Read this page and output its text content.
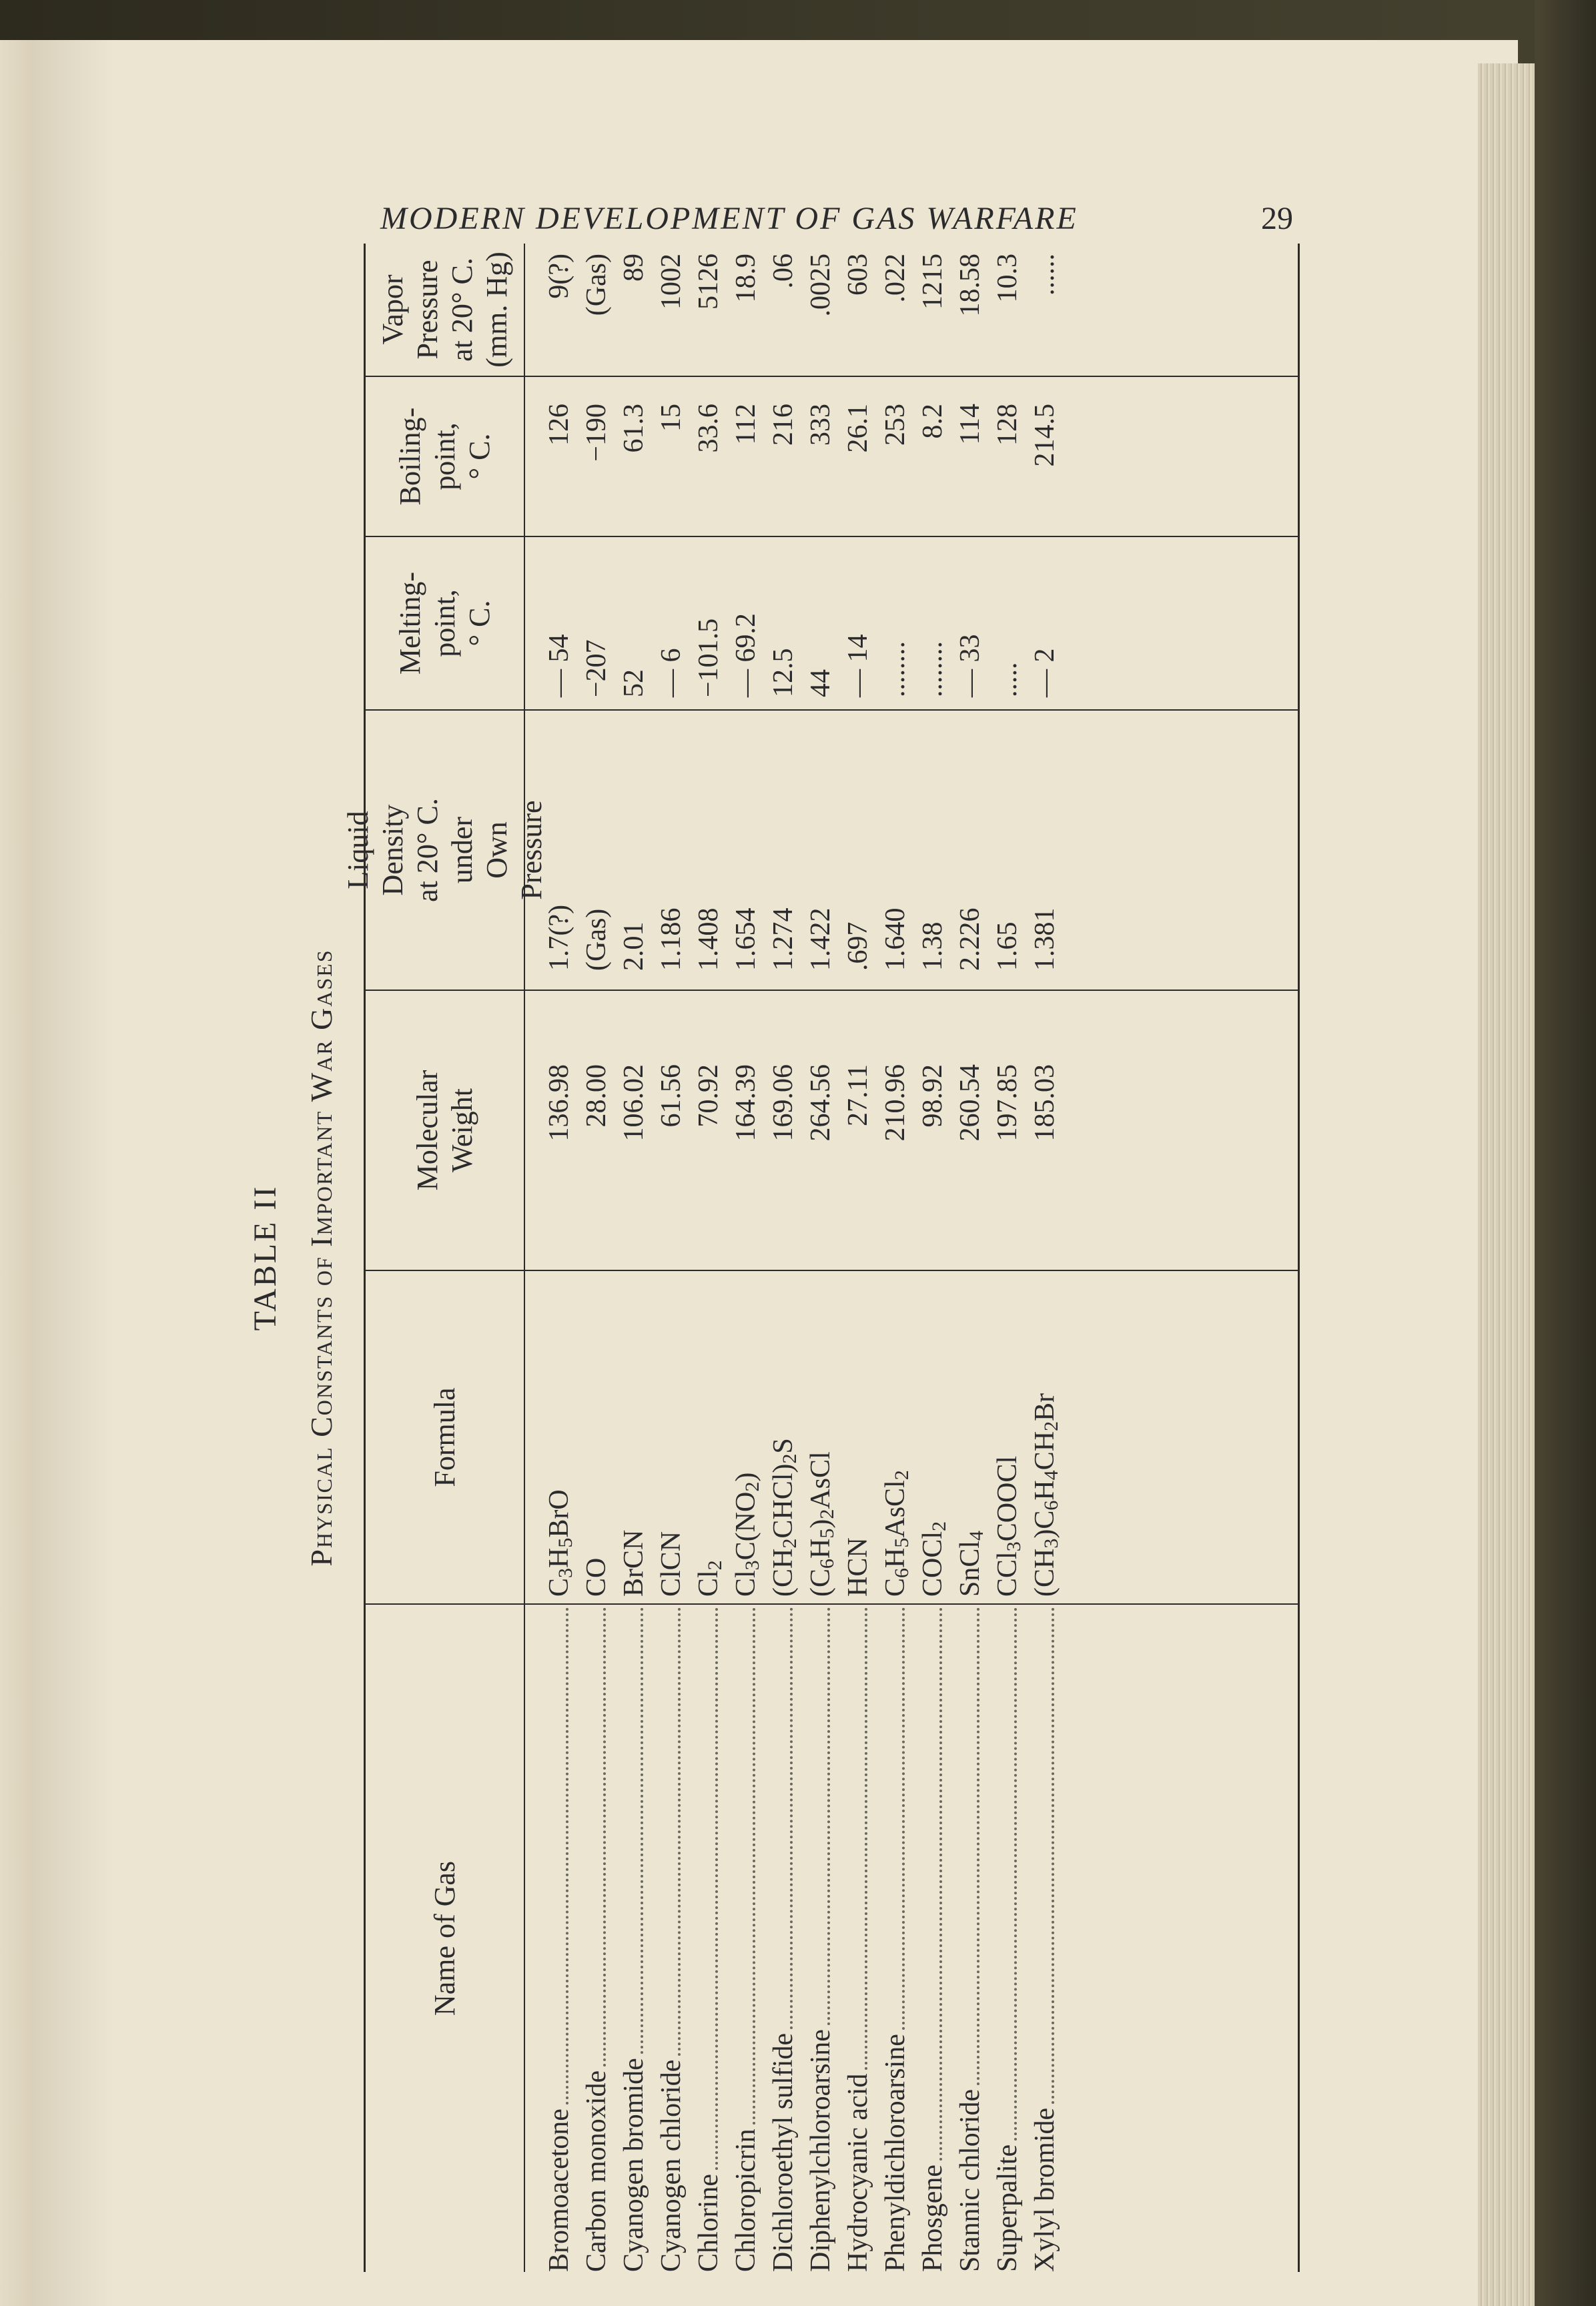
MODERN DEVELOPMENT OF GAS WARFARE	29
TABLE II Physical Constants of Important War Gases
Name of Gas
Formula
Molecular
Weight
Liquid
Density
at 20° C.
under
Own
Pressure
Melting-
point,
° C.
Boiling-
point,
° C.
Vapor
Pressure
at 20° C.
(mm. Hg)
Bromoacetone
$C_3H_5BrO$
136.98
1.7(?)
— 54
126
9(?)
Carbon monoxide
CO
28.00
(Gas)
−207
−190
(Gas)
Cyanogen bromide
BrCN
106.02
2.01
52
61.3
89
Cyanogen chloride
ClCN
61.56
1.186
— 6
15
1002
Chlorine
$Cl_2$
70.92
1.408
−101.5
33.6
5126
Chloropicrin
$Cl_3C(NO_2)$
164.39
1.654
— 69.2
112
18.9
Dichloroethyl sulfide
$(CH_2CHCl)_2S$
169.06
1.274
12.5
216
.06
Diphenylchloroarsine
$(C_6H_5)_2AsCl$
264.56
1.422
44
333
.0025
Hydrocyanic acid
HCN
27.11
.697
— 14
26.1
603
Phenyldichloroarsine
$C_6H_5AsCl_2$
210.96
1.640
........
253
.022
Phosgene
COCl$_2$
98.92
1.38
........
8.2
1215
Stannic chloride
SnCl$_4$
260.54
2.226
— 33
114
18.58
Superpalite
CCl$_3$COOCl
197.85
1.65
.....
128
10.3
Xylyl bromide
$(CH_3)C_6H_4CH_2Br$
185.03
1.381
— 2
214.5
......
